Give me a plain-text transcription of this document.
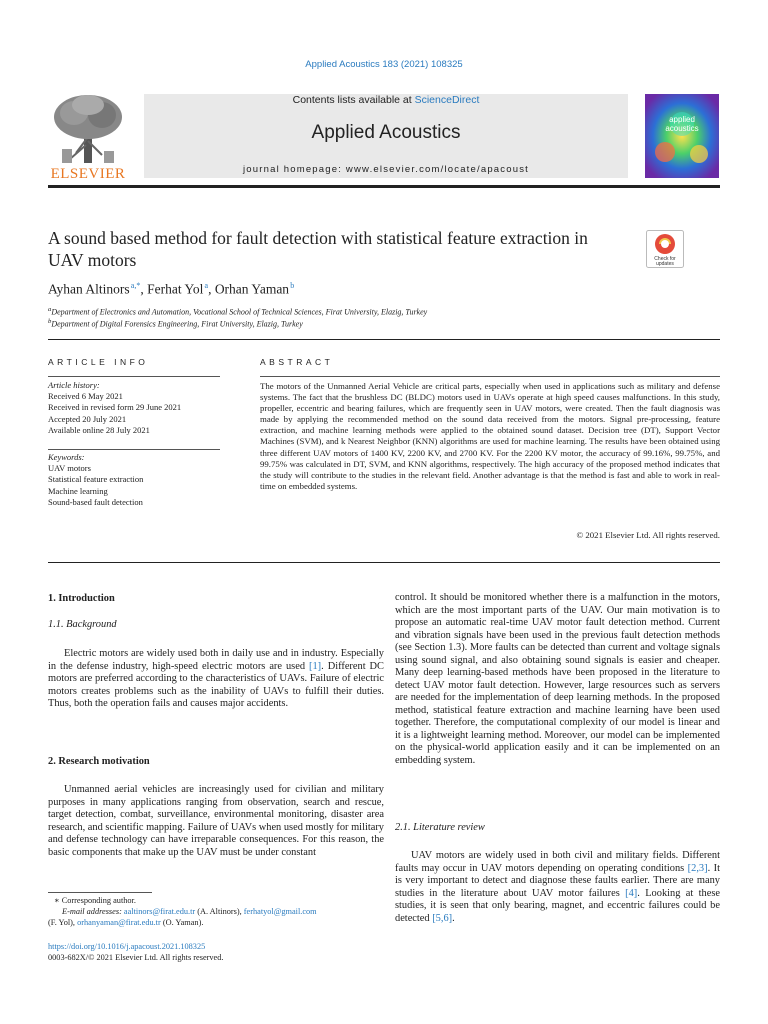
Applied Acoustics 183 (2021) 108325
ELSEVIER
Contents lists available at ScienceDirect
Applied Acoustics
journal homepage: www.elsevier.com/locate/apacoust
applied
acoustics
A sound based method for fault detection with statistical feature extraction in UAV motors	Check for
updates
Ayhan Altinors $^{a,*}$, Ferhat Yol $^a$, Orhan Yaman $^b$
$^a$Department of Electronics and Automation, Vocational School of Technical Sciences, Firat University, Elazig, Turkey
$^b$Department of Digital Forensics Engineering, Firat University, Elazig, Turkey
ARTICLE INFO
Article history:
Received 6 May 2021
Received in revised form 29 June 2021
Accepted 20 July 2021
Available online 28 July 2021
Keywords:
UAV motors
Statistical feature extraction
Machine learning
Sound-based fault detection
ABSTRACT
The motors of the Unmanned Aerial Vehicle are critical parts, especially when used in applications such as military and defense systems. The fact that the brushless DC (BLDC) motors used in UAVs operate at high speed causes malfunctions. In this study, propeller, eccentric and bearing failures, which are frequently seen in UAV motors, were created. Then the fault diagnosis was made by applying the recommended method on the sound data received from the motors. Signal pre-processing, feature extraction, and machine learning methods were applied to the obtained sound dataset. Decision tree (DT), Support Vector Machines (SVM), and k Nearest Neighbor (KNN) algorithms are used for machine learning. The results have been obtained using three different UAV motors of 1400 KV, 2200 KV, and 2700 KV. For the 2200 KV motor, the accuracy of 99.16%, 99.75%, and 99.75% was calculated in DT, SVM, and KNN algorithms, respectively. The high accuracy of the proposed method indicates that the study will contribute to the studies in the relevant field. Another advantage is that the method is fast and able to work in real-time on embedded systems.
© 2021 Elsevier Ltd. All rights reserved.
1. Introduction
1.1. Background
Electric motors are widely used both in daily use and in industry. Especially in the defense industry, high-speed electric motors are used [1]. Different DC motors are preferred according to the characteristics of UAVs. Failure of electric motors creates problems such as the inability of UAVs to fulfill their duties. Thus, both the operation fails and causes major accidents.
2. Research motivation
Unmanned aerial vehicles are increasingly used for civilian and military purposes in many applications ranging from observation, search and rescue, target detection, combat, surveillance, environmental monitoring, disaster area research, and scientific mapping. Failure of UAVs when used mostly for military and defense technology can have irreparable consequences. For this reason, the basic components that make up the UAV must be under constant
control. It should be monitored whether there is a malfunction in the motors, which are the most important parts of the UAV. Our main motivation is to propose an automatic real-time UAV motor fault detection method. Current and vibration signals have been used in the previous fault detection methods (see Section 1.3). More faults can be detected than current and voltage signals using sound signal, and also obtaining sound signals is easier and cheaper. Many deep learning-based methods have been proposed in the literature to detect UAV motor fault detection. However, large resources such as servers are needed for the implementation of deep learning methods. In the proposed method, statistical feature extraction and machine learning have been used together. Therefore, the computational complexity of our model is linear and it is a lightweight learning method. Moreover, our model can be implemented on the physical-world application easily and it can be implemented on an embedding system.
2.1. Literature review
UAV motors are widely used in both civil and military fields. Different faults may occur in UAV motors depending on operating conditions [2,3]. It is very important to detect and diagnose these faults earlier. There are many studies in the literature about UAV motor failures [4]. Looking at these studies, it is seen that only bearing, magnet, and eccentric failures could be detected [5,6].
∗ Corresponding author.
E-mail addresses: aaltinors@firat.edu.tr (A. Altinors), ferhatyol@gmail.com
(F. Yol), orhanyaman@firat.edu.tr (O. Yaman).
https://doi.org/10.1016/j.apacoust.2021.108325
0003-682X/© 2021 Elsevier Ltd. All rights reserved.
